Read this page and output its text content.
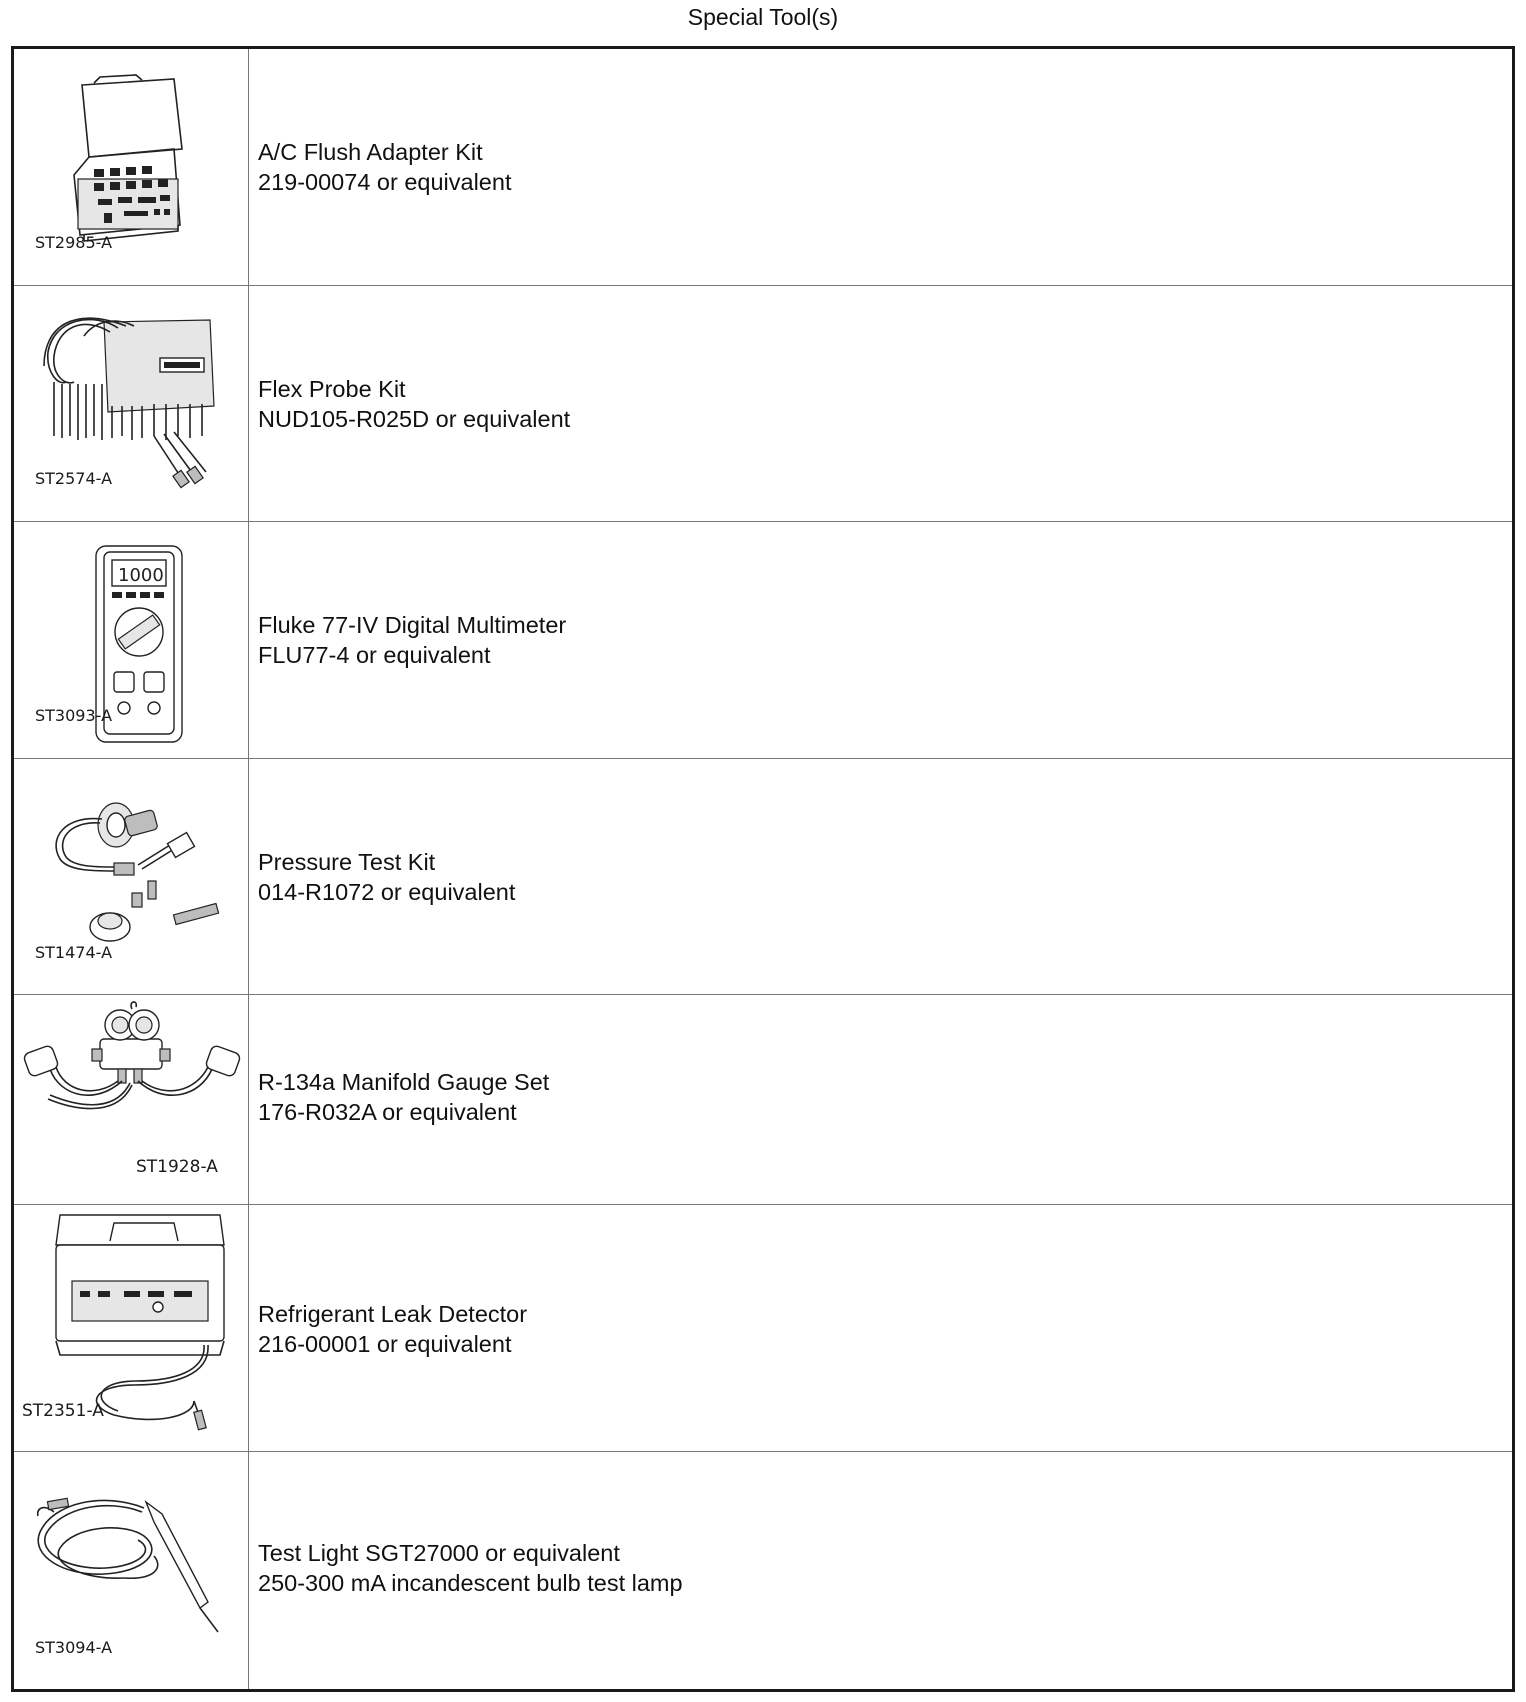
Special Tool(s)
ST2985-A
A/C Flush Adapter Kit
219-00074 or equivalent
ST2574-A
Flex Probe Kit
NUD105-R025D or equivalent
1000
ST3093-A
Fluke 77-IV Digital Multimeter
FLU77-4 or equivalent
ST1474-A
Pressure Test Kit
014-R1072 or equivalent
ST1928-A
R-134a Manifold Gauge Set
176-R032A or equivalent
ST2351-A
Refrigerant Leak Detector
216-00001 or equivalent
ST3094-A
Test Light SGT27000 or equivalent
250-300 mA incandescent bulb test lamp
